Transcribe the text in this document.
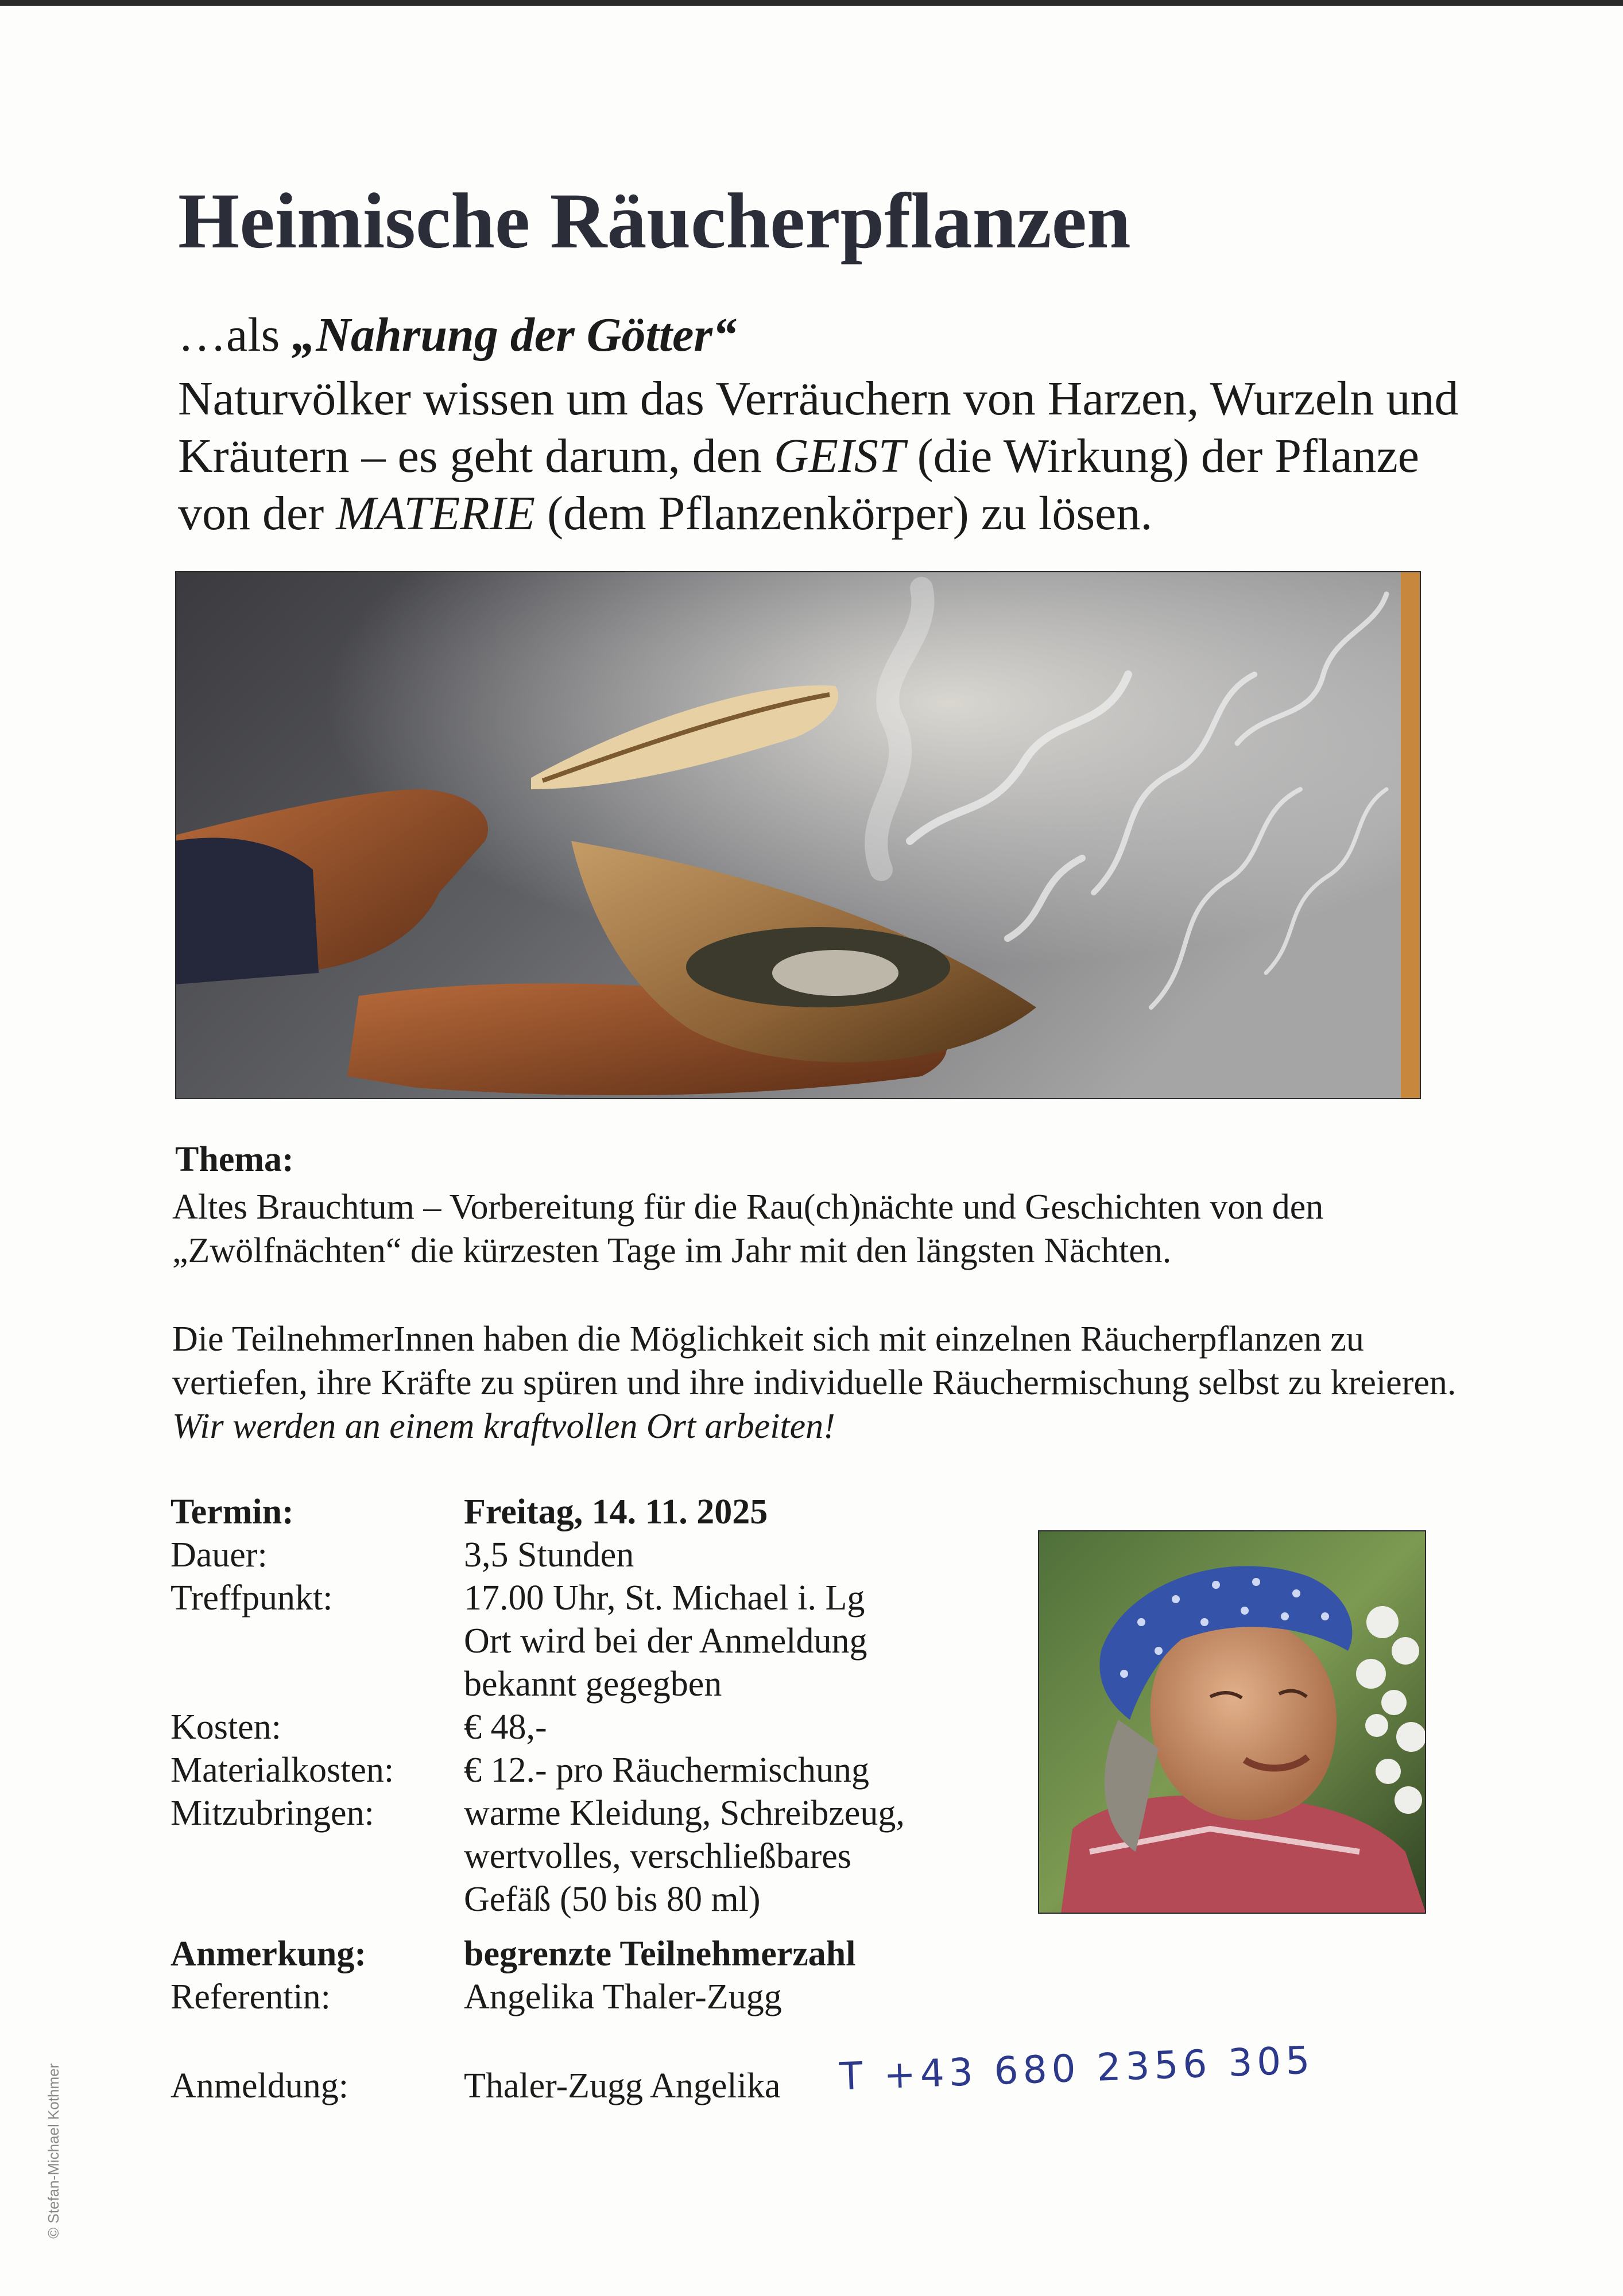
Heimische Räucherpflanzen
…als „Nahrung der Götter“
Naturvölker wissen um das Verräuchern von Harzen, Wurzeln und Kräutern – es geht darum, den GEIST (die Wirkung) der Pflanze von der MATERIE (dem Pflanzenkörper) zu lösen.
Thema:
Altes Brauchtum – Vorbereitung für die Rau(ch)nächte und Geschichten von den „Zwölfnächten“ die kürzesten Tage im Jahr mit den längsten Nächten.
Die TeilnehmerInnen haben die Möglichkeit sich mit einzelnen Räucherpflanzen zu vertiefen, ihre Kräfte zu spüren und ihre individuelle Räuchermischung selbst zu kreieren. Wir werden an einem kraftvollen Ort arbeiten!
Termin:	Freitag, 14. 11. 2025
Dauer:	3,5 Stunden
Treffpunkt:	17.00 Uhr, St. Michael i. Lg
Ort wird bei der Anmeldung
bekannt gegegben
Kosten:	€ 48,-
Materialkosten: € 12.- pro Räuchermischung
Mitzubringen:	warme Kleidung, Schreibzeug,
wertvolles, verschließbares
Gefäß (50 bis 80 ml)
Anmerkung:	begrenzte Teilnehmerzahl
Referentin:	Angelika Thaler-Zugg
Anmeldung:	Thaler-Zugg Angelika T +43 680 2356 305
© Stefan-Michael Kothmer
